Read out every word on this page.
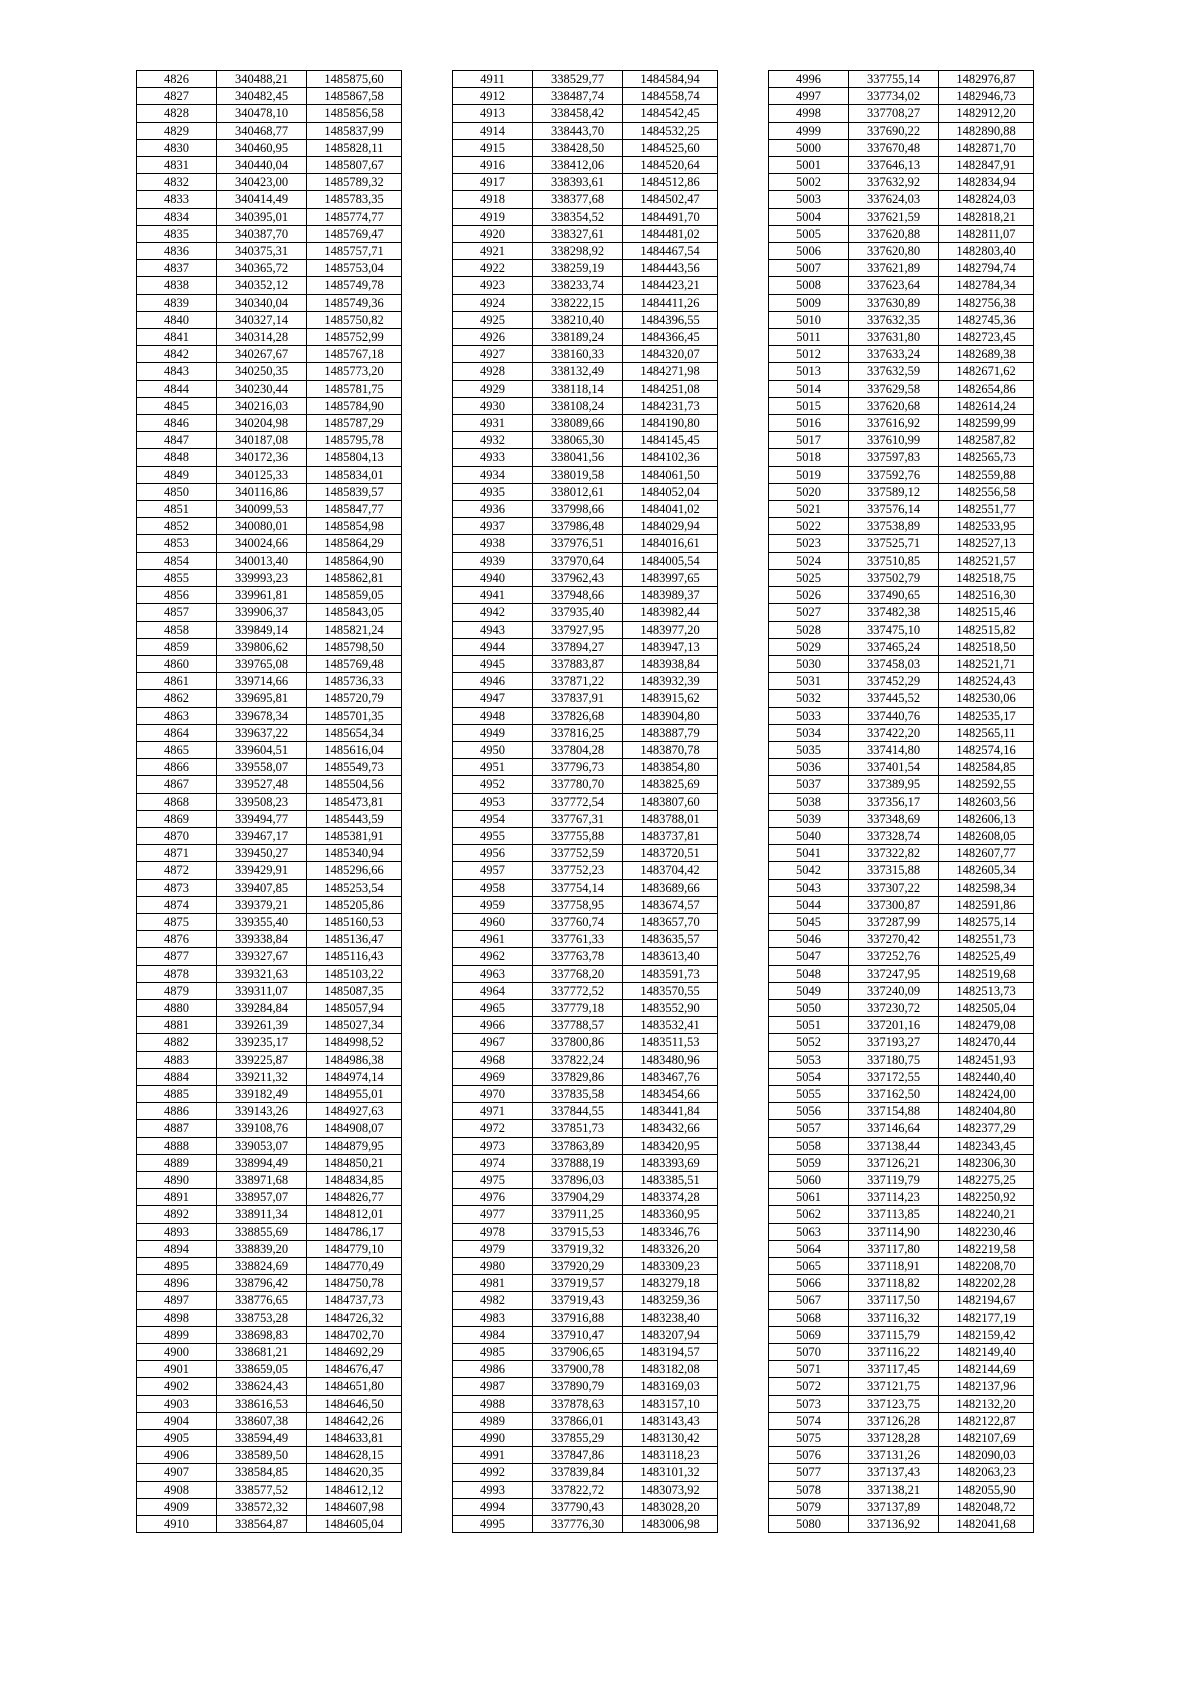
4826	340488,21	1485875,60
4827	340482,45	1485867,58
4828	340478,10	1485856,58
4829	340468,77	1485837,99
4830	340460,95	1485828,11
4831	340440,04	1485807,67
4832	340423,00	1485789,32
4833	340414,49	1485783,35
4834	340395,01	1485774,77
4835	340387,70	1485769,47
4836	340375,31	1485757,71
4837	340365,72	1485753,04
4838	340352,12	1485749,78
4839	340340,04	1485749,36
4840	340327,14	1485750,82
4841	340314,28	1485752,99
4842	340267,67	1485767,18
4843	340250,35	1485773,20
4844	340230,44	1485781,75
4845	340216,03	1485784,90
4846	340204,98	1485787,29
4847	340187,08	1485795,78
4848	340172,36	1485804,13
4849	340125,33	1485834,01
4850	340116,86	1485839,57
4851	340099,53	1485847,77
4852	340080,01	1485854,98
4853	340024,66	1485864,29
4854	340013,40	1485864,90
4855	339993,23	1485862,81
4856	339961,81	1485859,05
4857	339906,37	1485843,05
4858	339849,14	1485821,24
4859	339806,62	1485798,50
4860	339765,08	1485769,48
4861	339714,66	1485736,33
4862	339695,81	1485720,79
4863	339678,34	1485701,35
4864	339637,22	1485654,34
4865	339604,51	1485616,04
4866	339558,07	1485549,73
4867	339527,48	1485504,56
4868	339508,23	1485473,81
4869	339494,77	1485443,59
4870	339467,17	1485381,91
4871	339450,27	1485340,94
4872	339429,91	1485296,66
4873	339407,85	1485253,54
4874	339379,21	1485205,86
4875	339355,40	1485160,53
4876	339338,84	1485136,47
4877	339327,67	1485116,43
4878	339321,63	1485103,22
4879	339311,07	1485087,35
4880	339284,84	1485057,94
4881	339261,39	1485027,34
4882	339235,17	1484998,52
4883	339225,87	1484986,38
4884	339211,32	1484974,14
4885	339182,49	1484955,01
4886	339143,26	1484927,63
4887	339108,76	1484908,07
4888	339053,07	1484879,95
4889	338994,49	1484850,21
4890	338971,68	1484834,85
4891	338957,07	1484826,77
4892	338911,34	1484812,01
4893	338855,69	1484786,17
4894	338839,20	1484779,10
4895	338824,69	1484770,49
4896	338796,42	1484750,78
4897	338776,65	1484737,73
4898	338753,28	1484726,32
4899	338698,83	1484702,70
4900	338681,21	1484692,29
4901	338659,05	1484676,47
4902	338624,43	1484651,80
4903	338616,53	1484646,50
4904	338607,38	1484642,26
4905	338594,49	1484633,81
4906	338589,50	1484628,15
4907	338584,85	1484620,35
4908	338577,52	1484612,12
4909	338572,32	1484607,98
4910	338564,87	1484605,04
4911	338529,77	1484584,94
4912	338487,74	1484558,74
4913	338458,42	1484542,45
4914	338443,70	1484532,25
4915	338428,50	1484525,60
4916	338412,06	1484520,64
4917	338393,61	1484512,86
4918	338377,68	1484502,47
4919	338354,52	1484491,70
4920	338327,61	1484481,02
4921	338298,92	1484467,54
4922	338259,19	1484443,56
4923	338233,74	1484423,21
4924	338222,15	1484411,26
4925	338210,40	1484396,55
4926	338189,24	1484366,45
4927	338160,33	1484320,07
4928	338132,49	1484271,98
4929	338118,14	1484251,08
4930	338108,24	1484231,73
4931	338089,66	1484190,80
4932	338065,30	1484145,45
4933	338041,56	1484102,36
4934	338019,58	1484061,50
4935	338012,61	1484052,04
4936	337998,66	1484041,02
4937	337986,48	1484029,94
4938	337976,51	1484016,61
4939	337970,64	1484005,54
4940	337962,43	1483997,65
4941	337948,66	1483989,37
4942	337935,40	1483982,44
4943	337927,95	1483977,20
4944	337894,27	1483947,13
4945	337883,87	1483938,84
4946	337871,22	1483932,39
4947	337837,91	1483915,62
4948	337826,68	1483904,80
4949	337816,25	1483887,79
4950	337804,28	1483870,78
4951	337796,73	1483854,80
4952	337780,70	1483825,69
4953	337772,54	1483807,60
4954	337767,31	1483788,01
4955	337755,88	1483737,81
4956	337752,59	1483720,51
4957	337752,23	1483704,42
4958	337754,14	1483689,66
4959	337758,95	1483674,57
4960	337760,74	1483657,70
4961	337761,33	1483635,57
4962	337763,78	1483613,40
4963	337768,20	1483591,73
4964	337772,52	1483570,55
4965	337779,18	1483552,90
4966	337788,57	1483532,41
4967	337800,86	1483511,53
4968	337822,24	1483480,96
4969	337829,86	1483467,76
4970	337835,58	1483454,66
4971	337844,55	1483441,84
4972	337851,73	1483432,66
4973	337863,89	1483420,95
4974	337888,19	1483393,69
4975	337896,03	1483385,51
4976	337904,29	1483374,28
4977	337911,25	1483360,95
4978	337915,53	1483346,76
4979	337919,32	1483326,20
4980	337920,29	1483309,23
4981	337919,57	1483279,18
4982	337919,43	1483259,36
4983	337916,88	1483238,40
4984	337910,47	1483207,94
4985	337906,65	1483194,57
4986	337900,78	1483182,08
4987	337890,79	1483169,03
4988	337878,63	1483157,10
4989	337866,01	1483143,43
4990	337855,29	1483130,42
4991	337847,86	1483118,23
4992	337839,84	1483101,32
4993	337822,72	1483073,92
4994	337790,43	1483028,20
4995	337776,30	1483006,98
4996	337755,14	1482976,87
4997	337734,02	1482946,73
4998	337708,27	1482912,20
4999	337690,22	1482890,88
5000	337670,48	1482871,70
5001	337646,13	1482847,91
5002	337632,92	1482834,94
5003	337624,03	1482824,03
5004	337621,59	1482818,21
5005	337620,88	1482811,07
5006	337620,80	1482803,40
5007	337621,89	1482794,74
5008	337623,64	1482784,34
5009	337630,89	1482756,38
5010	337632,35	1482745,36
5011	337631,80	1482723,45
5012	337633,24	1482689,38
5013	337632,59	1482671,62
5014	337629,58	1482654,86
5015	337620,68	1482614,24
5016	337616,92	1482599,99
5017	337610,99	1482587,82
5018	337597,83	1482565,73
5019	337592,76	1482559,88
5020	337589,12	1482556,58
5021	337576,14	1482551,77
5022	337538,89	1482533,95
5023	337525,71	1482527,13
5024	337510,85	1482521,57
5025	337502,79	1482518,75
5026	337490,65	1482516,30
5027	337482,38	1482515,46
5028	337475,10	1482515,82
5029	337465,24	1482518,50
5030	337458,03	1482521,71
5031	337452,29	1482524,43
5032	337445,52	1482530,06
5033	337440,76	1482535,17
5034	337422,20	1482565,11
5035	337414,80	1482574,16
5036	337401,54	1482584,85
5037	337389,95	1482592,55
5038	337356,17	1482603,56
5039	337348,69	1482606,13
5040	337328,74	1482608,05
5041	337322,82	1482607,77
5042	337315,88	1482605,34
5043	337307,22	1482598,34
5044	337300,87	1482591,86
5045	337287,99	1482575,14
5046	337270,42	1482551,73
5047	337252,76	1482525,49
5048	337247,95	1482519,68
5049	337240,09	1482513,73
5050	337230,72	1482505,04
5051	337201,16	1482479,08
5052	337193,27	1482470,44
5053	337180,75	1482451,93
5054	337172,55	1482440,40
5055	337162,50	1482424,00
5056	337154,88	1482404,80
5057	337146,64	1482377,29
5058	337138,44	1482343,45
5059	337126,21	1482306,30
5060	337119,79	1482275,25
5061	337114,23	1482250,92
5062	337113,85	1482240,21
5063	337114,90	1482230,46
5064	337117,80	1482219,58
5065	337118,91	1482208,70
5066	337118,82	1482202,28
5067	337117,50	1482194,67
5068	337116,32	1482177,19
5069	337115,79	1482159,42
5070	337116,22	1482149,40
5071	337117,45	1482144,69
5072	337121,75	1482137,96
5073	337123,75	1482132,20
5074	337126,28	1482122,87
5075	337128,28	1482107,69
5076	337131,26	1482090,03
5077	337137,43	1482063,23
5078	337138,21	1482055,90
5079	337137,89	1482048,72
5080	337136,92	1482041,68
